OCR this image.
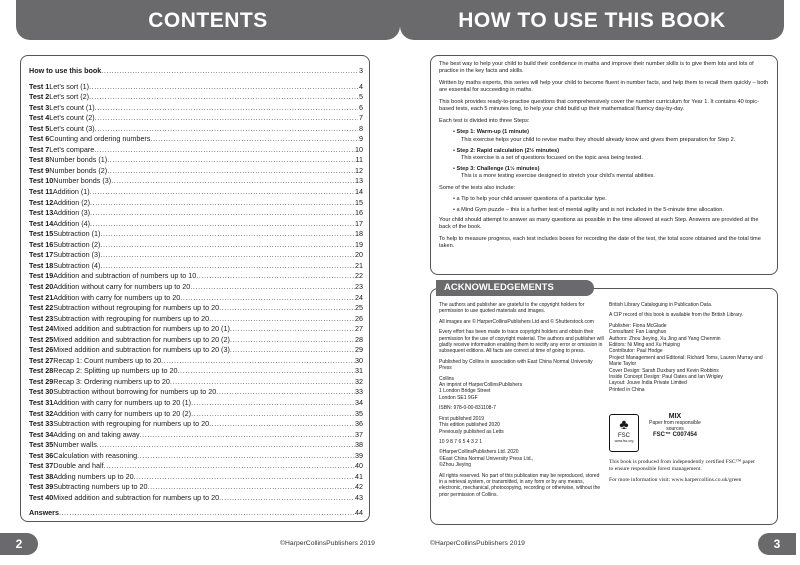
CONTENTS
How to use this book .....	3
Test 1 Let’s sort (1) .....	4
Test 2 Let’s sort (2) .....	5
Test 3 Let’s count (1) .....	6
Test 4 Let’s count (2) .....	7
Test 5 Let’s count (3) .....	8
Test 6 Counting and ordering numbers .....	9
Test 7 Let’s compare .....	10
Test 8 Number bonds (1) .....	11
Test 9 Number bonds (2) .....	12
Test 10 Number bonds (3) .....	13
Test 11 Addition (1) .....	14
Test 12 Addition (2) .....	15
Test 13 Addition (3) .....	16
Test 14 Addition (4) .....	17
Test 15 Subtraction (1) .....	18
Test 16 Subtraction (2) .....	19
Test 17 Subtraction (3) .....	20
Test 18 Subtraction (4) .....	21
Test 19 Addition and subtraction of numbers up to 10 .....	22
Test 20 Addition without carry for numbers up to 20 .....	23
Test 21 Addition with carry for numbers up to 20 .....	24
Test 22 Subtraction without regrouping for numbers up to 20 .....	25
Test 23 Subtraction with regrouping for numbers up to 20 .....	26
Test 24 Mixed addition and subtraction for numbers up to 20 (1) .....	27
Test 25 Mixed addition and subtraction for numbers up to 20 (2) .....	28
Test 26 Mixed addition and subtraction for numbers up to 20 (3) .....	29
Test 27 Recap 1: Count numbers up to 20 .....	30
Test 28 Recap 2: Splitting up numbers up to 20 .....	31
Test 29 Recap 3: Ordering numbers up to 20 .....	32
Test 30 Subtraction without borrowing for numbers up to 20 .....	33
Test 31 Addition with carry for numbers up to 20 (1) .....	34
Test 32 Addition with carry for numbers up to 20 (2) .....	35
Test 33 Subtraction with regrouping for numbers up to 20 .....	36
Test 34 Adding on and taking away .....	37
Test 35 Number walls .....	38
Test 36 Calculation with reasoning .....	39
Test 37 Double and half .....	40
Test 38 Adding numbers up to 20 .....	41
Test 39 Subtracting numbers up to 20 .....	42
Test 40 Mixed addition and subtraction for numbers up to 20 .....	43
Answers .....	44
2	©HarperCollinsPublishers 2019
HOW TO USE THIS BOOK

The best way to help your child to build their confidence in maths and improve their number skills is to give them lots and lots of practice in the key facts and skills.

Written by maths experts, this series will help your child to become fluent in number facts, and help them to recall them quickly – both are essential for succeeding in maths.

This book provides ready-to-practise questions that comprehensively cover the number curriculum for Year 1. It contains 40 topic-based tests, each 5 minutes long, to help your child build up their mathematical fluency day-by-day.

Each test is divided into three Steps:

• Step 1: Warm-up (1 minute)
This exercise helps your child to revise maths they should already know and gives them preparation for Step 2.
• Step 2: Rapid calculation (2½ minutes)
This exercise is a set of questions focused on the topic area being tested.
• Step 3: Challenge (1½ minutes)
This is a more testing exercise designed to stretch your child’s mental abilities.

Some of the tests also include:

• a Tip to help your child answer questions of a particular type.
• a Mind Gym puzzle – this is a further test of mental agility and is not included in the 5-minute time allocation.

Your child should attempt to answer as many questions as possible in the time allowed at each Step. Answers are provided at the back of the book.

To help to measure progress, each test includes boxes for recording the date of the test, the total score obtained and the total time taken.

The authors and publisher are grateful to the copyright holders for permission to use quoted materials and images.

All images are © HarperCollinsPublishers Ltd and © Shutterstock.com

Every effort has been made to trace copyright holders and obtain their permission for the use of copyright material. The authors and publisher will gladly receive information enabling them to rectify any error or omission in subsequent editions. All facts are correct at time of going to press.

Published by Collins in association with East China Normal University Press

Collins
An imprint of HarperCollinsPublishers
1 London Bridge Street
London SE1 9GF

ISBN: 978-0-00-831108-7

First published 2019
This edition published 2020
Previously published as Letts

10 9 8 7 6 5 4 3 2 1

©HarperCollinsPublishers Ltd. 2020
©East China Normal University Press Ltd.,
©Zhou Jieying

All rights reserved. No part of this publication may be reproduced, stored in a retrieval system, or transmitted, in any form or by any means, electronic, mechanical, photocopying, recording or otherwise, without the prior permission of Collins.

British Library Cataloguing in Publication Data.

A CIP record of this book is available from the British Library.

Publisher: Fiona McGlade
Consultant: Fan Lianghuo
Authors: Zhou Jieying, Xu Jing and Yang Chenmin
Editors: Ni Ming and Xu Huiping
Contributor: Paul Hodge
Project Management and Editorial: Richard Toms, Lauren Murray and Marie Taylor
Cover Design: Sarah Duxbury and Kevin Robbins
Inside Concept Design: Paul Oates and Ian Wrigley
Layout: Jouve India Private Limited
Printed in China

♣
FSC
www.fsc.org
MIX
Paper from responsible sources
FSC™ C007454

This book is produced from independently certified FSC™ paper to ensure responsible forest management.

For more information visit: www.harpercollins.co.uk/green

ACKNOWLEDGEMENTS
©HarperCollinsPublishers 2019	3
